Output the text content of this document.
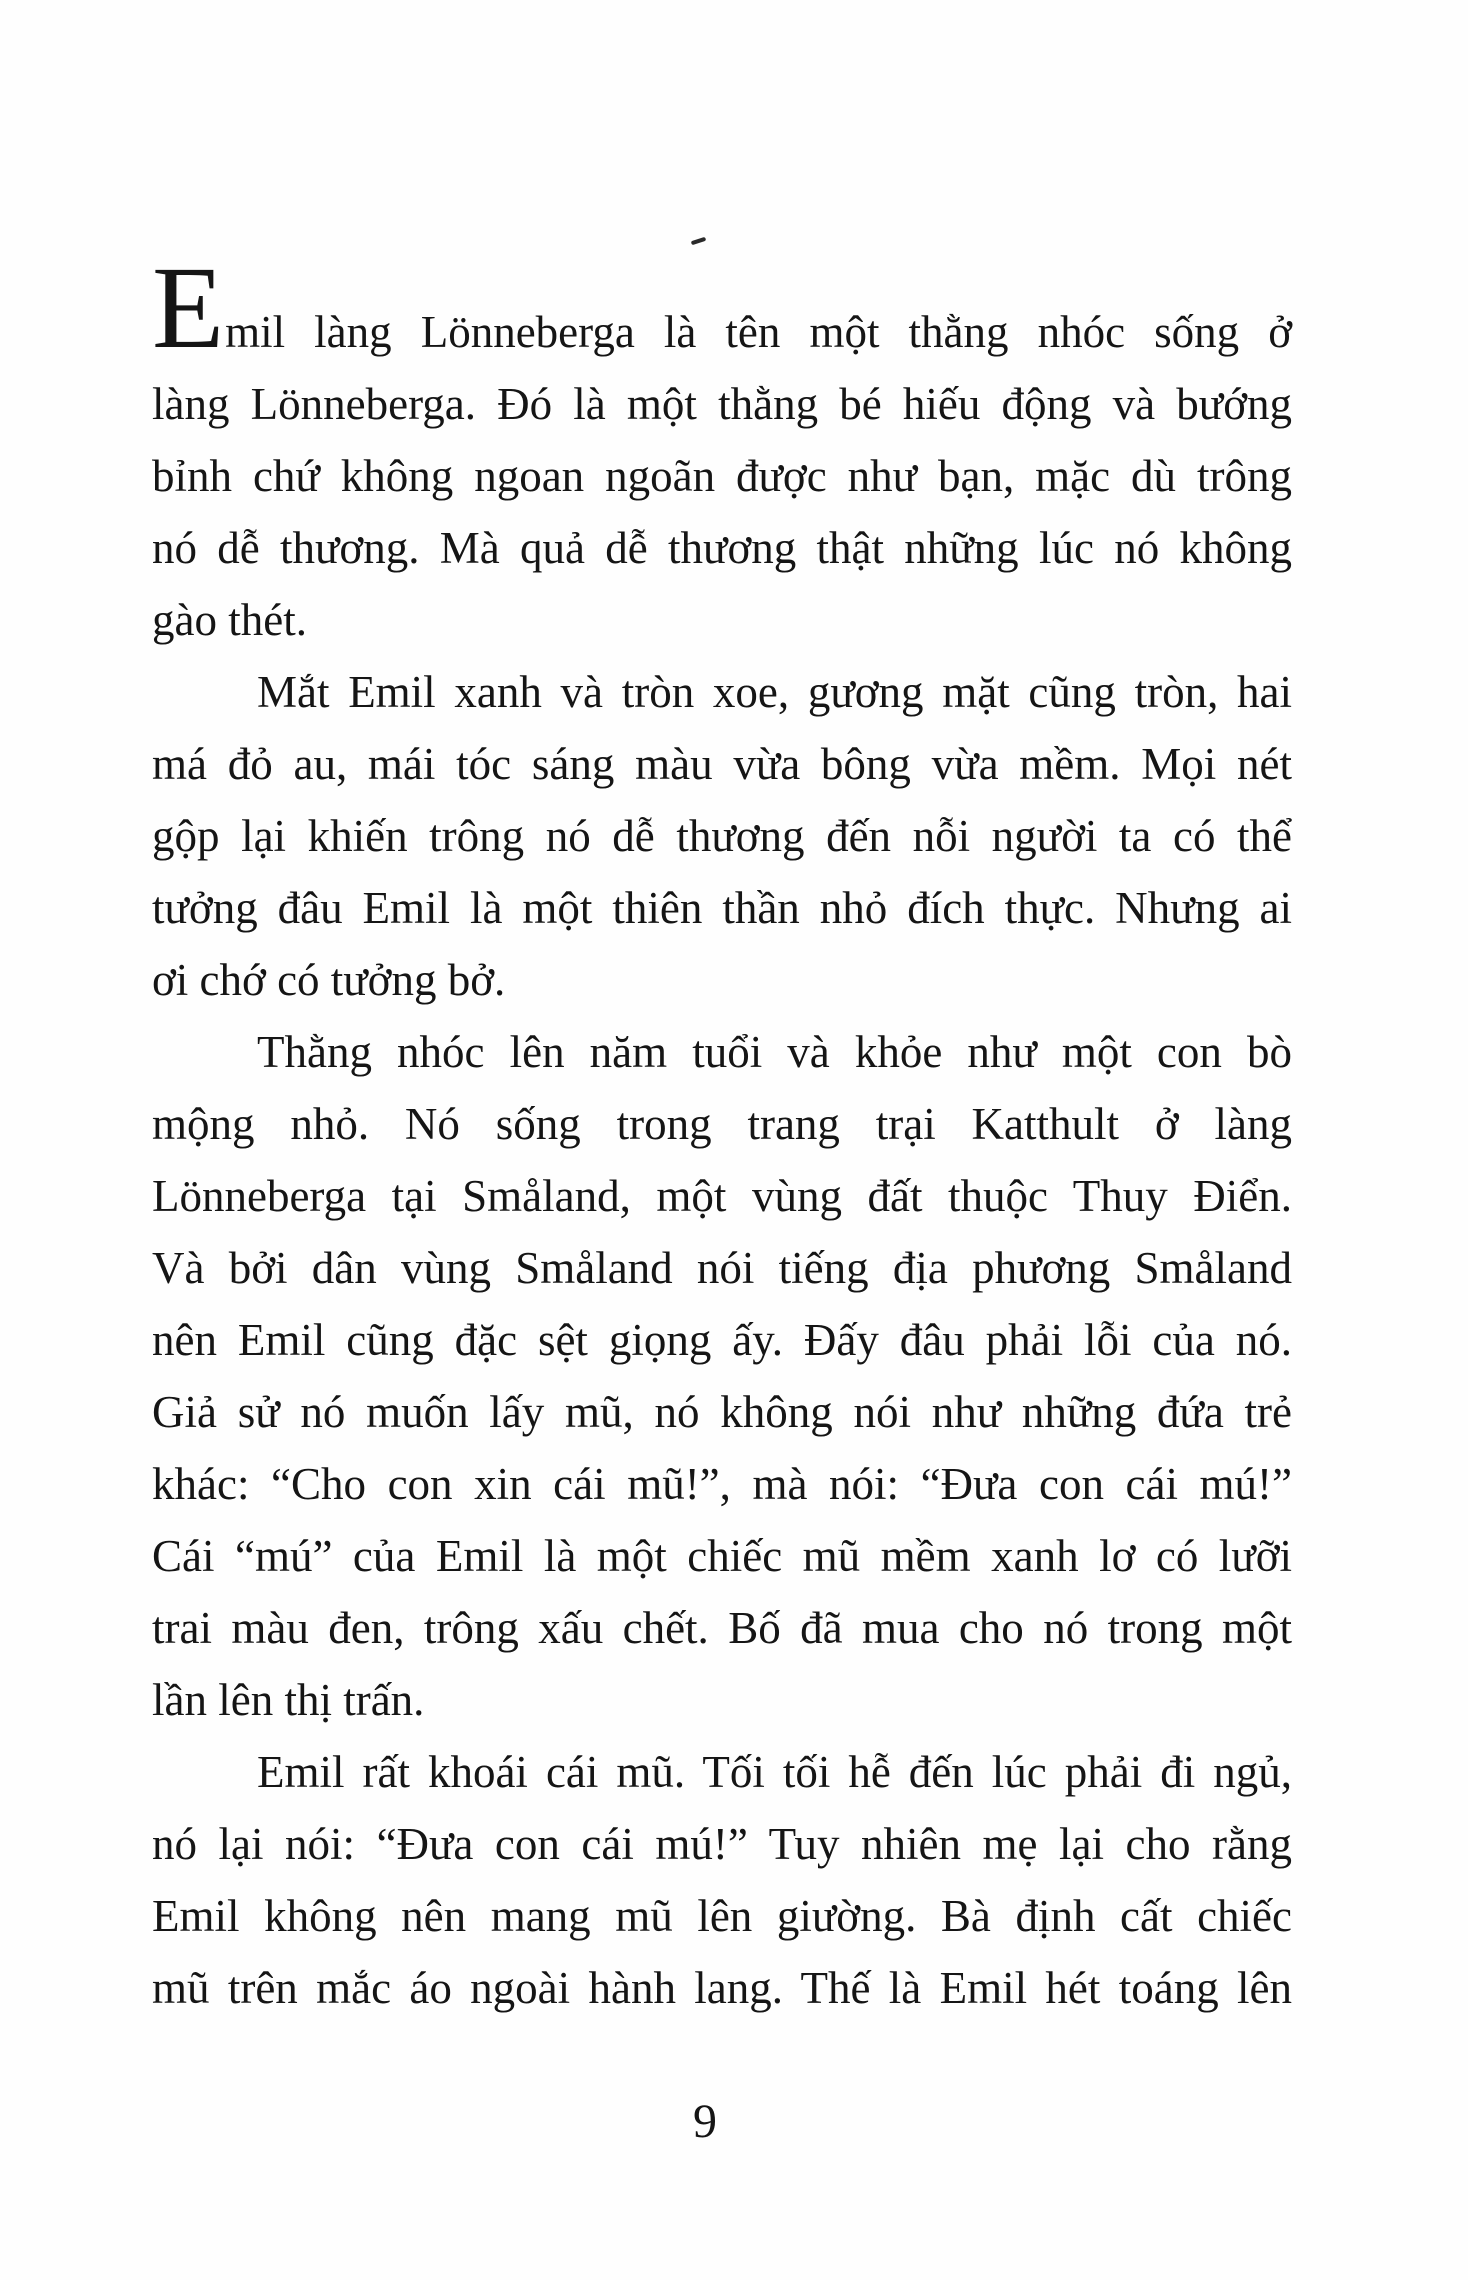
Emil làng Lönneberga là tên một thằng nhóc sống ở
làng Lönneberga. Đó là một thằng bé hiếu động và bướng
bỉnh chứ không ngoan ngoãn được như bạn, mặc dù trông
nó dễ thương. Mà quả dễ thương thật những lúc nó không
gào thét.
Mắt Emil xanh và tròn xoe, gương mặt cũng tròn, hai
má đỏ au, mái tóc sáng màu vừa bông vừa mềm. Mọi nét
gộp lại khiến trông nó dễ thương đến nỗi người ta có thể
tưởng đâu Emil là một thiên thần nhỏ đích thực. Nhưng ai
ơi chớ có tưởng bở.
Thằng nhóc lên năm tuổi và khỏe như một con bò
mộng nhỏ. Nó sống trong trang trại Katthult ở làng
Lönneberga tại Småland, một vùng đất thuộc Thuy Điển.
Và bởi dân vùng Småland nói tiếng địa phương Småland
nên Emil cũng đặc sệt giọng ấy. Đấy đâu phải lỗi của nó.
Giả sử nó muốn lấy mũ, nó không nói như những đứa trẻ
khác: “Cho con xin cái mũ!”, mà nói: “Đưa con cái mú!”
Cái “mú” của Emil là một chiếc mũ mềm xanh lơ có lưỡi
trai màu đen, trông xấu chết. Bố đã mua cho nó trong một
lần lên thị trấn.
Emil rất khoái cái mũ. Tối tối hễ đến lúc phải đi ngủ,
nó lại nói: “Đưa con cái mú!” Tuy nhiên mẹ lại cho rằng
Emil không nên mang mũ lên giường. Bà định cất chiếc
mũ trên mắc áo ngoài hành lang. Thế là Emil hét toáng lên
9
